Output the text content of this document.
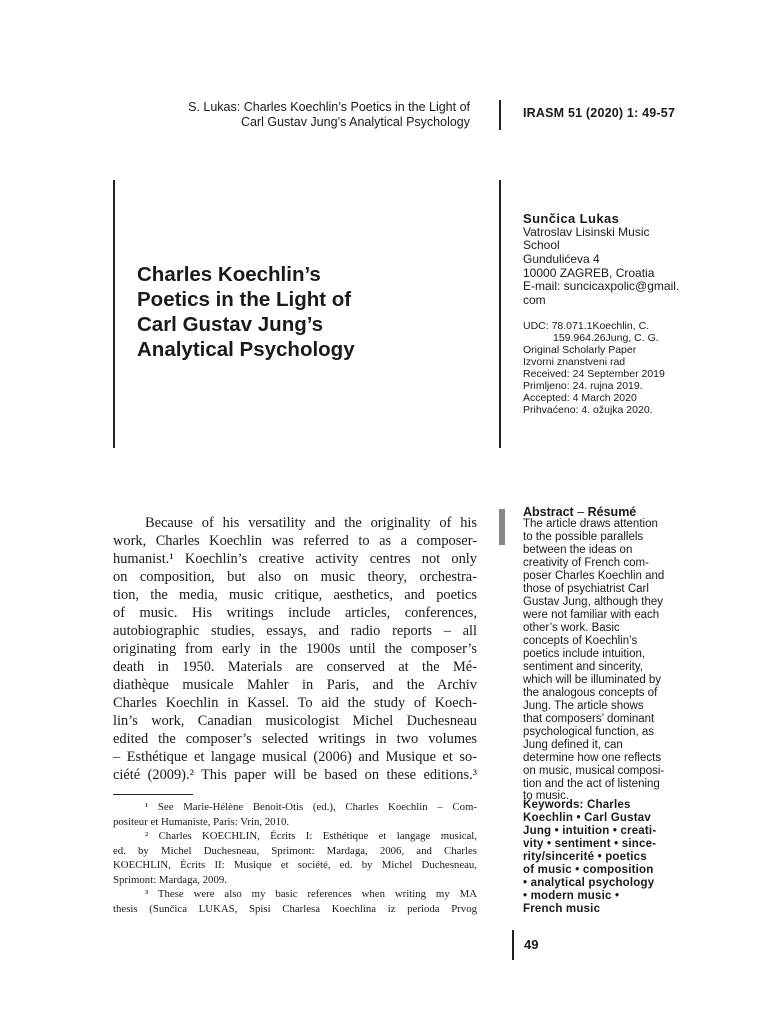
S. Lukas: Charles Koechlin’s Poetics in the Light of
Carl Gustav Jung’s Analytical Psychology
IRASM 51 (2020) 1: 49-57
Charles Koechlin’s
Poetics in the Light of
Carl Gustav Jung’s
Analytical Psychology
Sunčica Lukas
Vatroslav Lisinski Music
School
Gundulićeva 4
10000 ZAGREB, Croatia
E-mail: suncicaxpolic@gmail.
com
UDC: 78.071.1Koechlin, C.
159.964.26Jung, C. G.
Original Scholarly Paper
Izvorni znanstveni rad
Received: 24 September 2019
Primljeno: 24. rujna 2019.
Accepted: 4 March 2020
Prihvaćeno: 4. ožujka 2020.
Because of his versatility and the originality of his
work, Charles Koechlin was referred to as a composer-
humanist.¹ Koechlin’s creative activity centres not only
on composition, but also on music theory, orchestra-
tion, the media, music critique, aesthetics, and poetics
of music. His writings include articles, conferences,
autobiographic studies, essays, and radio reports – all
originating from early in the 1900s until the composer’s
death in 1950. Materials are conserved at the Mé-
diathèque musicale Mahler in Paris, and the Archiv
Charles Koechlin in Kassel. To aid the study of Koech-
lin’s work, Canadian musicologist Michel Duchesneau
edited the composer’s selected writings in two volumes
– Esthétique et langage musical (2006) and Musique et so-
ciété (2009).² This paper will be based on these editions.³
¹ See Marie-Hélène Benoit-Otis (ed.), Charles Koechlin – Com-
positeur et Humaniste, Paris: Vrin, 2010.
² Charles KOECHLIN, Écrits I: Esthétique et langage musical,
ed. by Michel Duchesneau, Sprimont: Mardaga, 2006, and Charles
KOECHLIN, Écrits II: Musique et société, ed. by Michel Duchesneau,
Sprimont: Mardaga, 2009.
³ These were also my basic references when writing my MA
thesis (Sunčica LUKAS, Spisi Charlesa Koechlina iz perioda Prvog
Abstract – Résumé
The article draws attention
to the possible parallels
between the ideas on
creativity of French com-
poser Charles Koechlin and
those of psychiatrist Carl
Gustav Jung, although they
were not familiar with each
other’s work. Basic
concepts of Koechlin’s
poetics include intuition,
sentiment and sincerity,
which will be illuminated by
the analogous concepts of
Jung. The article shows
that composers’ dominant
psychological function, as
Jung defined it, can
determine how one reflects
on music, musical composi-
tion and the act of listening
to music.
Keywords: Charles
Koechlin • Carl Gustav
Jung • intuition • creati-
vity • sentiment • since-
rity/sincerité • poetics
of music • composition
• analytical psychology
• modern music •
French music
49
